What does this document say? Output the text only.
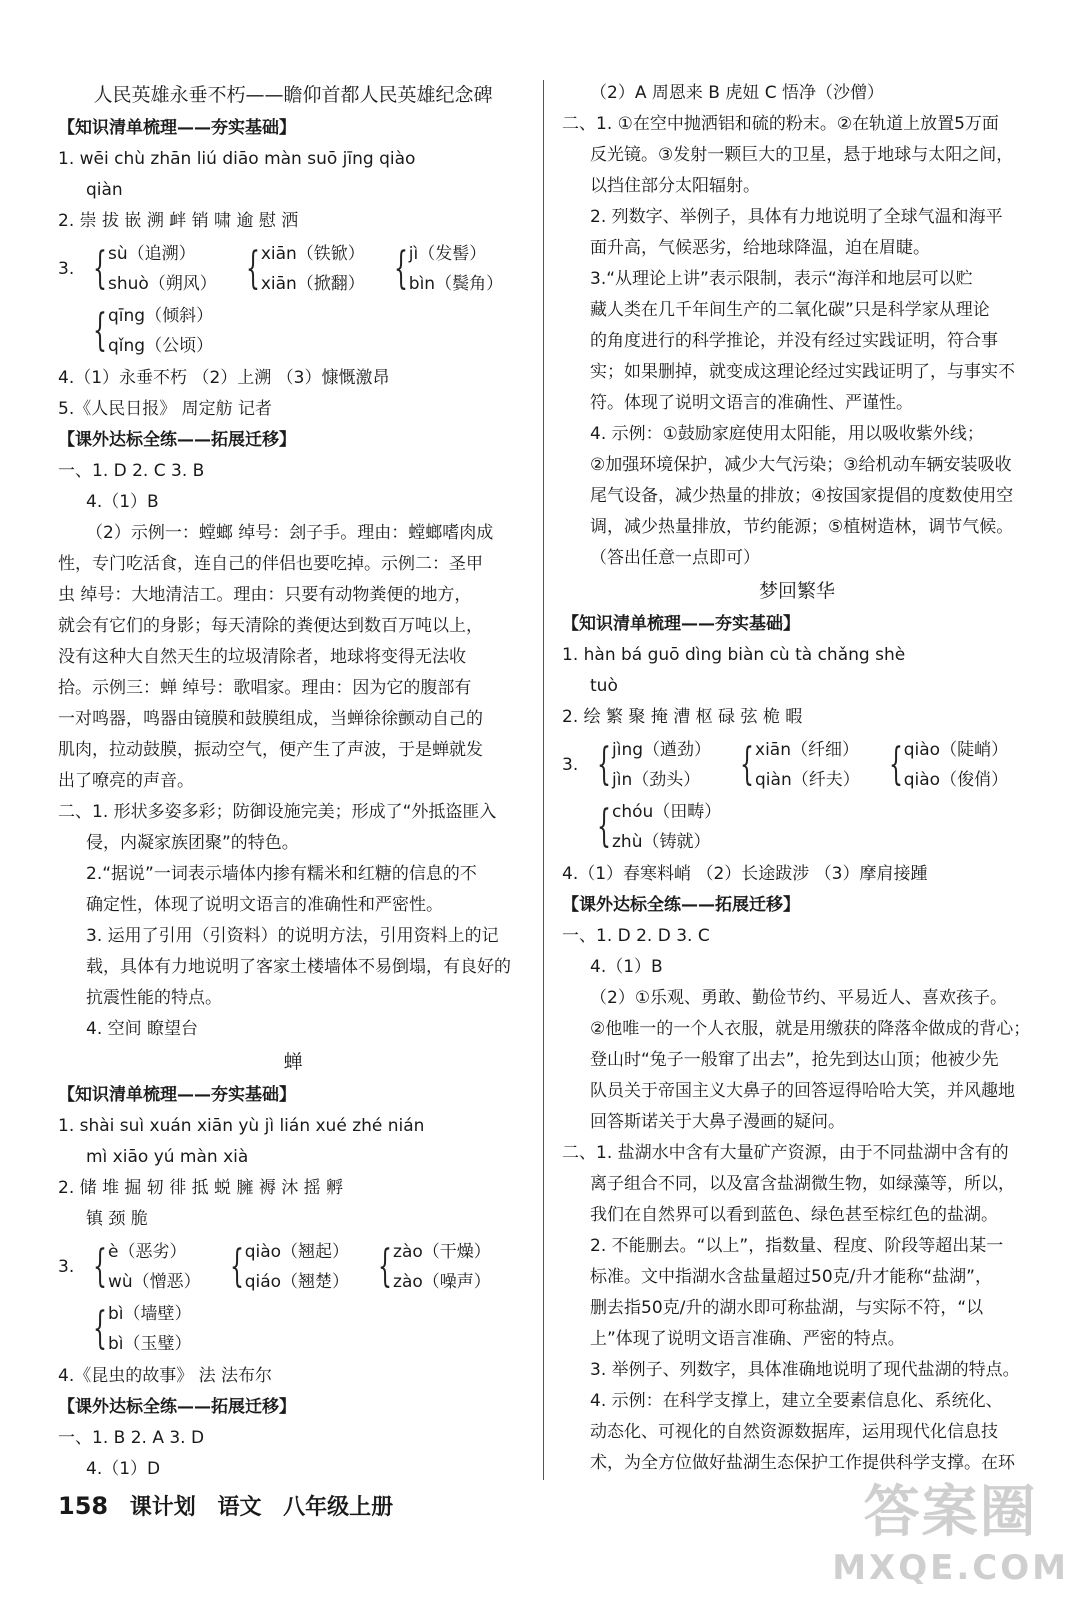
人民英雄永垂不朽——瞻仰首都人民英雄纪念碑
【知识清单梳理——夯实基础】
1. wēi chù zhān liú diāo màn suō jīng qiào
qiàn
2. 崇 拔 嵌 溯 衅 销 啸 逾 慰 洒
3. { sù（追溯）
shuò（朔风） { xiān（铁锨）
xiān（掀翻） { jì（发髻）
bìn（鬓角）
{ qīng（倾斜）
qǐng（公顷）
4.（1）永垂不朽 （2）上溯 （3）慷慨激昂
5.《人民日报》 周定舫 记者
【课外达标全练——拓展迁移】
一、1. D 2. C 3. B
4.（1）B
（2）示例一：螳螂 绰号：刽子手。理由：螳螂嗜肉成
性，专门吃活食，连自己的伴侣也要吃掉。示例二：圣甲
虫 绰号：大地清洁工。理由：只要有动物粪便的地方，
就会有它们的身影；每天清除的粪便达到数百万吨以上，
没有这种大自然天生的垃圾清除者，地球将变得无法收
拾。示例三：蝉 绰号：歌唱家。理由：因为它的腹部有
一对鸣器，鸣器由镜膜和鼓膜组成，当蝉徐徐颤动自己的
肌肉，拉动鼓膜，振动空气，便产生了声波，于是蝉就发
出了嘹亮的声音。
二、1. 形状多姿多彩；防御设施完美；形成了“外抵盗匪入
侵，内凝家族团聚”的特色。
2.“据说”一词表示墙体内掺有糯米和红糖的信息的不
确定性，体现了说明文语言的准确性和严密性。
3. 运用了引用（引资料）的说明方法，引用资料上的记
载，具体有力地说明了客家土楼墙体不易倒塌，有良好的
抗震性能的特点。
4. 空间 瞭望台
蝉
【知识清单梳理——夯实基础】
1. shài suì xuán xiān yù jì lián xué zhé nián
mì xiāo yú màn xià
2. 储 堆 掘 轫 徘 抵 蜕 臃 褥 沐 摇 孵
镇 颈 脆
3. { è（恶劣）
wù（憎恶） { qiào（翘起）
qiáo（翘楚） { zào（干燥）
zào（噪声）
{ bì（墙壁）
bì（玉璧）
4.《昆虫的故事》 法 法布尔
【课外达标全练——拓展迁移】
一、1. B 2. A 3. D
4.（1）D
（2）A 周恩来 B 虎妞 C 悟净（沙僧）
二、1. ①在空中抛洒铝和硫的粉末。②在轨道上放置5万面
反光镜。③发射一颗巨大的卫星，悬于地球与太阳之间，
以挡住部分太阳辐射。
2. 列数字、举例子，具体有力地说明了全球气温和海平
面升高，气候恶劣，给地球降温，迫在眉睫。
3.“从理论上讲”表示限制，表示“海洋和地层可以贮
藏人类在几千年间生产的二氧化碳”只是科学家从理论
的角度进行的科学推论，并没有经过实践证明，符合事
实；如果删掉，就变成这理论经过实践证明了，与事实不
符。体现了说明文语言的准确性、严谨性。
4. 示例：①鼓励家庭使用太阳能，用以吸收紫外线；
②加强环境保护，减少大气污染；③给机动车辆安装吸收
尾气设备，减少热量的排放；④按国家提倡的度数使用空
调，减少热量排放，节约能源；⑤植树造林，调节气候。
（答出任意一点即可）
梦回繁华
【知识清单梳理——夯实基础】
1. hàn bá guō dìng biàn cù tà chǎng shè
tuò
2. 绘 繁 聚 掩 漕 枢 碌 弦 桅 暇
3. { jìng（遒劲）
jìn（劲头） { xiān（纤细）
qiàn（纤夫） { qiào（陡峭）
qiào（俊俏）
{ chóu（田畴）
zhù（铸就）
4.（1）春寒料峭 （2）长途跋涉 （3）摩肩接踵
【课外达标全练——拓展迁移】
一、1. D 2. D 3. C
4.（1）B
（2）①乐观、勇敢、勤俭节约、平易近人、喜欢孩子。
②他唯一的一个人衣服，就是用缴获的降落伞做成的背心；
登山时“兔子一般窜了出去”，抢先到达山顶；他被少先
队员关于帝国主义大鼻子的回答逗得哈哈大笑，并风趣地
回答斯诺关于大鼻子漫画的疑问。
二、1. 盐湖水中含有大量矿产资源，由于不同盐湖中含有的
离子组合不同，以及富含盐湖微生物，如绿藻等，所以，
我们在自然界可以看到蓝色、绿色甚至棕红色的盐湖。
2. 不能删去。“以上”，指数量、程度、阶段等超出某一
标准。文中指湖水含盐量超过50克/升才能称“盐湖”，
删去指50克/升的湖水即可称盐湖，与实际不符，“以
上”体现了说明文语言准确、严密的特点。
3. 举例子、列数字，具体准确地说明了现代盐湖的特点。
4. 示例：在科学支撑上，建立全要素信息化、系统化、
动态化、可视化的自然资源数据库，运用现代化信息技
术，为全方位做好盐湖生态保护工作提供科学支撑。在环
158 课计划 语文 八年级上册	答案圈
MXQE.COM
